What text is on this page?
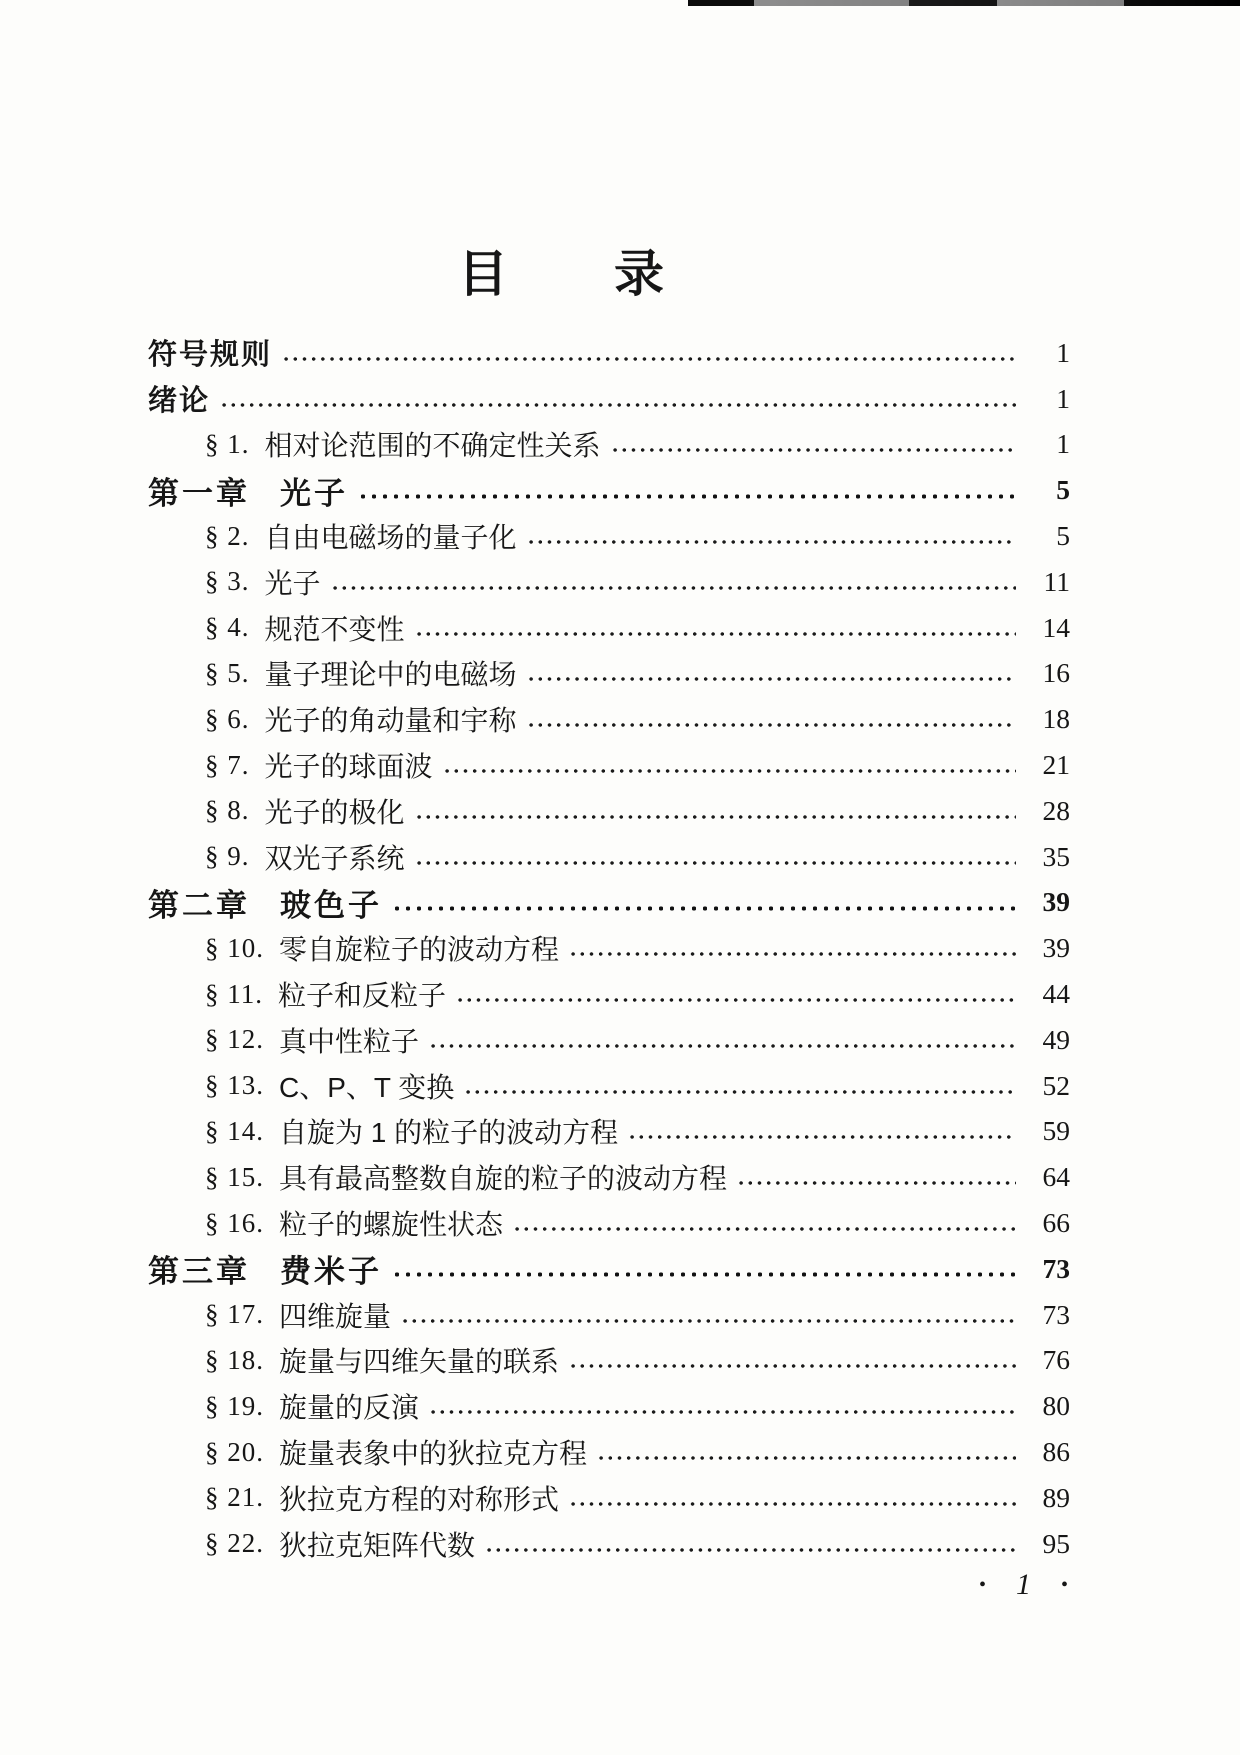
目 录
符号规则	1
绪论	1
§ 1. 相对论范围的不确定性关系	1
第一章 光子	5
§ 2. 自由电磁场的量子化	5
§ 3. 光子	11
§ 4. 规范不变性	14
§ 5. 量子理论中的电磁场	16
§ 6. 光子的角动量和宇称	18
§ 7. 光子的球面波	21
§ 8. 光子的极化	28
§ 9. 双光子系统	35
第二章 玻色子	39
§ 10. 零自旋粒子的波动方程	39
§ 11. 粒子和反粒子	44
§ 12. 真中性粒子	49
§ 13. C、P、T 变换	52
§ 14. 自旋为 1 的粒子的波动方程	59
§ 15. 具有最高整数自旋的粒子的波动方程	64
§ 16. 粒子的螺旋性状态	66
第三章 费米子	73
§ 17. 四维旋量	73
§ 18. 旋量与四维矢量的联系	76
§ 19. 旋量的反演	80
§ 20. 旋量表象中的狄拉克方程	86
§ 21. 狄拉克方程的对称形式	89
§ 22. 狄拉克矩阵代数	95
• 1 •
